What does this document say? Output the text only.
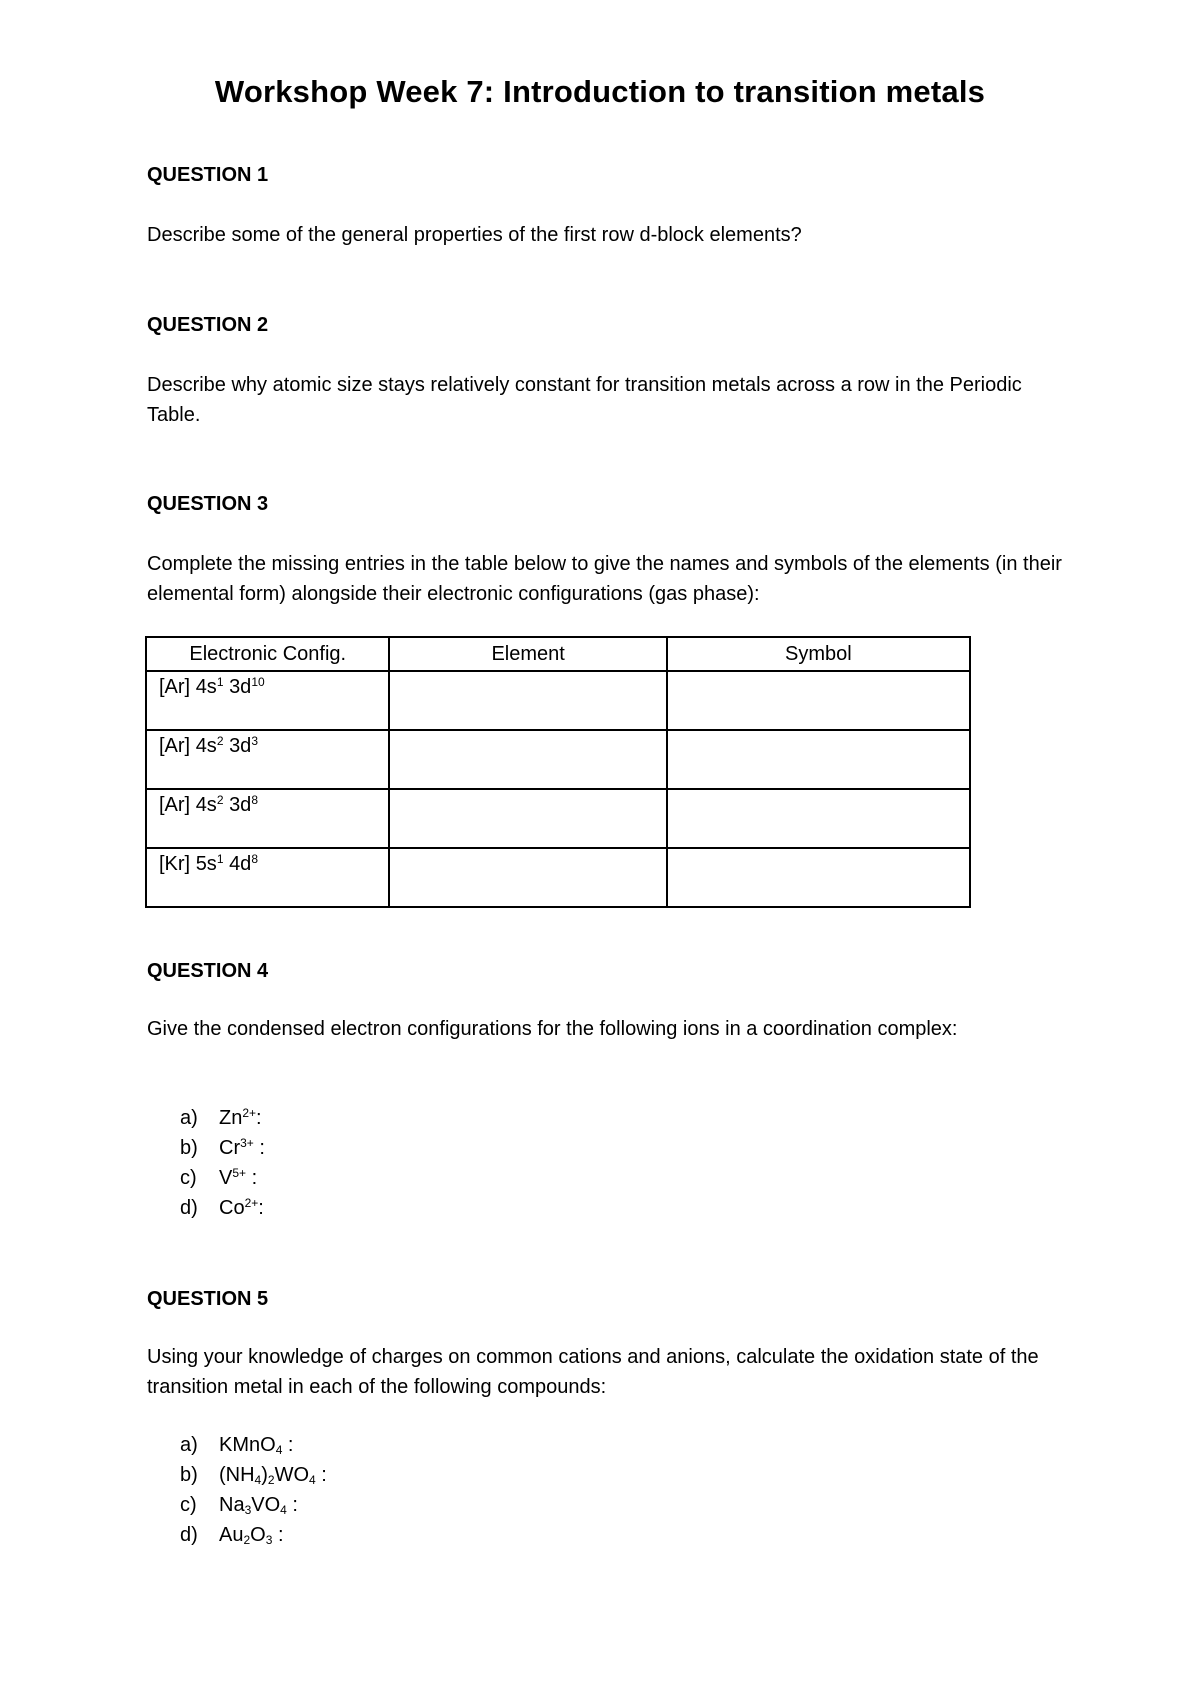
Workshop Week 7: Introduction to transition metals

QUESTION 1

Describe some of the general properties of the first row d-block elements?

QUESTION 2

Describe why atomic size stays relatively constant for transition metals across a row in the Periodic Table.

QUESTION 3

Complete the missing entries in the table below to give the names and symbols of the elements (in their elemental form) alongside their electronic configurations (gas phase):

Electronic Config.	Element	Symbol
[Ar] $4s^1$ $3d^{10}$		
[Ar] $4s^2$ $3d^3$		
[Ar] $4s^2$ $3d^8$		
[Kr] $5s^1$ $4d^8$		

QUESTION 4

Give the condensed electron configurations for the following ions in a coordination complex:

a)	$Zn^{2+}$:
b)	$Cr^{3+}$ :
c)	$V^{5+}$ :
d)	$Co^{2+}$:

QUESTION 5

Using your knowledge of charges on common cations and anions, calculate the oxidation state of the transition metal in each of the following compounds:

a)	KMnO$_4$ :
b)	$(NH_4)_2WO_4$ :
c)	$Na_3VO_4$ :
d)	$Au_2O_3$ :
